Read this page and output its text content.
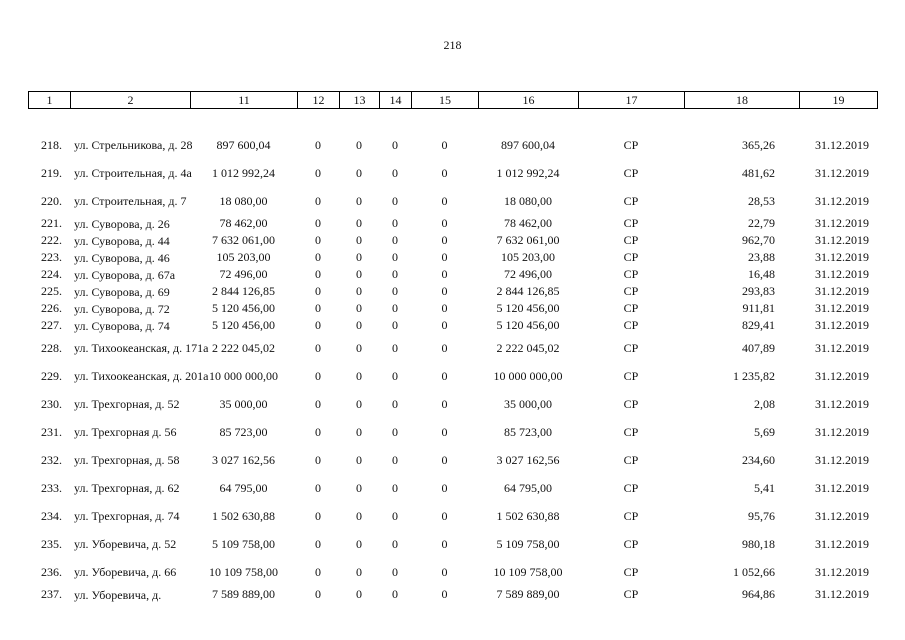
218
1	2	11	12	13	14	15	16	17	18	19
218.	ул. Стрельникова, д. 28	897 600,04	0	0	0	0	897 600,04	СР	365,26	31.12.2019
219.	ул. Строительная, д. 4а	1 012 992,24	0	0	0	0	1 012 992,24	СР	481,62	31.12.2019
220.	ул. Строительная, д. 7	18 080,00	0	0	0	0	18 080,00	СР	28,53	31.12.2019
221.	ул. Суворова, д. 26	78 462,00	0	0	0	0	78 462,00	СР	22,79	31.12.2019
222.	ул. Суворова, д. 44	7 632 061,00	0	0	0	0	7 632 061,00	СР	962,70	31.12.2019
223.	ул. Суворова, д. 46	105 203,00	0	0	0	0	105 203,00	СР	23,88	31.12.2019
224.	ул. Суворова, д. 67а	72 496,00	0	0	0	0	72 496,00	СР	16,48	31.12.2019
225.	ул. Суворова, д. 69	2 844 126,85	0	0	0	0	2 844 126,85	СР	293,83	31.12.2019
226.	ул. Суворова, д. 72	5 120 456,00	0	0	0	0	5 120 456,00	СР	911,81	31.12.2019
227.	ул. Суворова, д. 74	5 120 456,00	0	0	0	0	5 120 456,00	СР	829,41	31.12.2019
228.	ул. Тихоокеанская, д. 171а	2 222 045,02	0	0	0	0	2 222 045,02	СР	407,89	31.12.2019
229.	ул. Тихоокеанская, д. 201а	10 000 000,00	0	0	0	0	10 000 000,00	СР	1 235,82	31.12.2019
230.	ул. Трехгорная, д. 52	35 000,00	0	0	0	0	35 000,00	СР	2,08	31.12.2019
231.	ул. Трехгорная д. 56	85 723,00	0	0	0	0	85 723,00	СР	5,69	31.12.2019
232.	ул. Трехгорная, д. 58	3 027 162,56	0	0	0	0	3 027 162,56	СР	234,60	31.12.2019
233.	ул. Трехгорная, д. 62	64 795,00	0	0	0	0	64 795,00	СР	5,41	31.12.2019
234.	ул. Трехгорная, д. 74	1 502 630,88	0	0	0	0	1 502 630,88	СР	95,76	31.12.2019
235.	ул. Уборевича, д. 52	5 109 758,00	0	0	0	0	5 109 758,00	СР	980,18	31.12.2019
236.	ул. Уборевича, д. 66	10 109 758,00	0	0	0	0	10 109 758,00	СР	1 052,66	31.12.2019
237.	ул. Уборевича, д.	7 589 889,00	0	0	0	0	7 589 889,00	СР	964,86	31.12.2019
